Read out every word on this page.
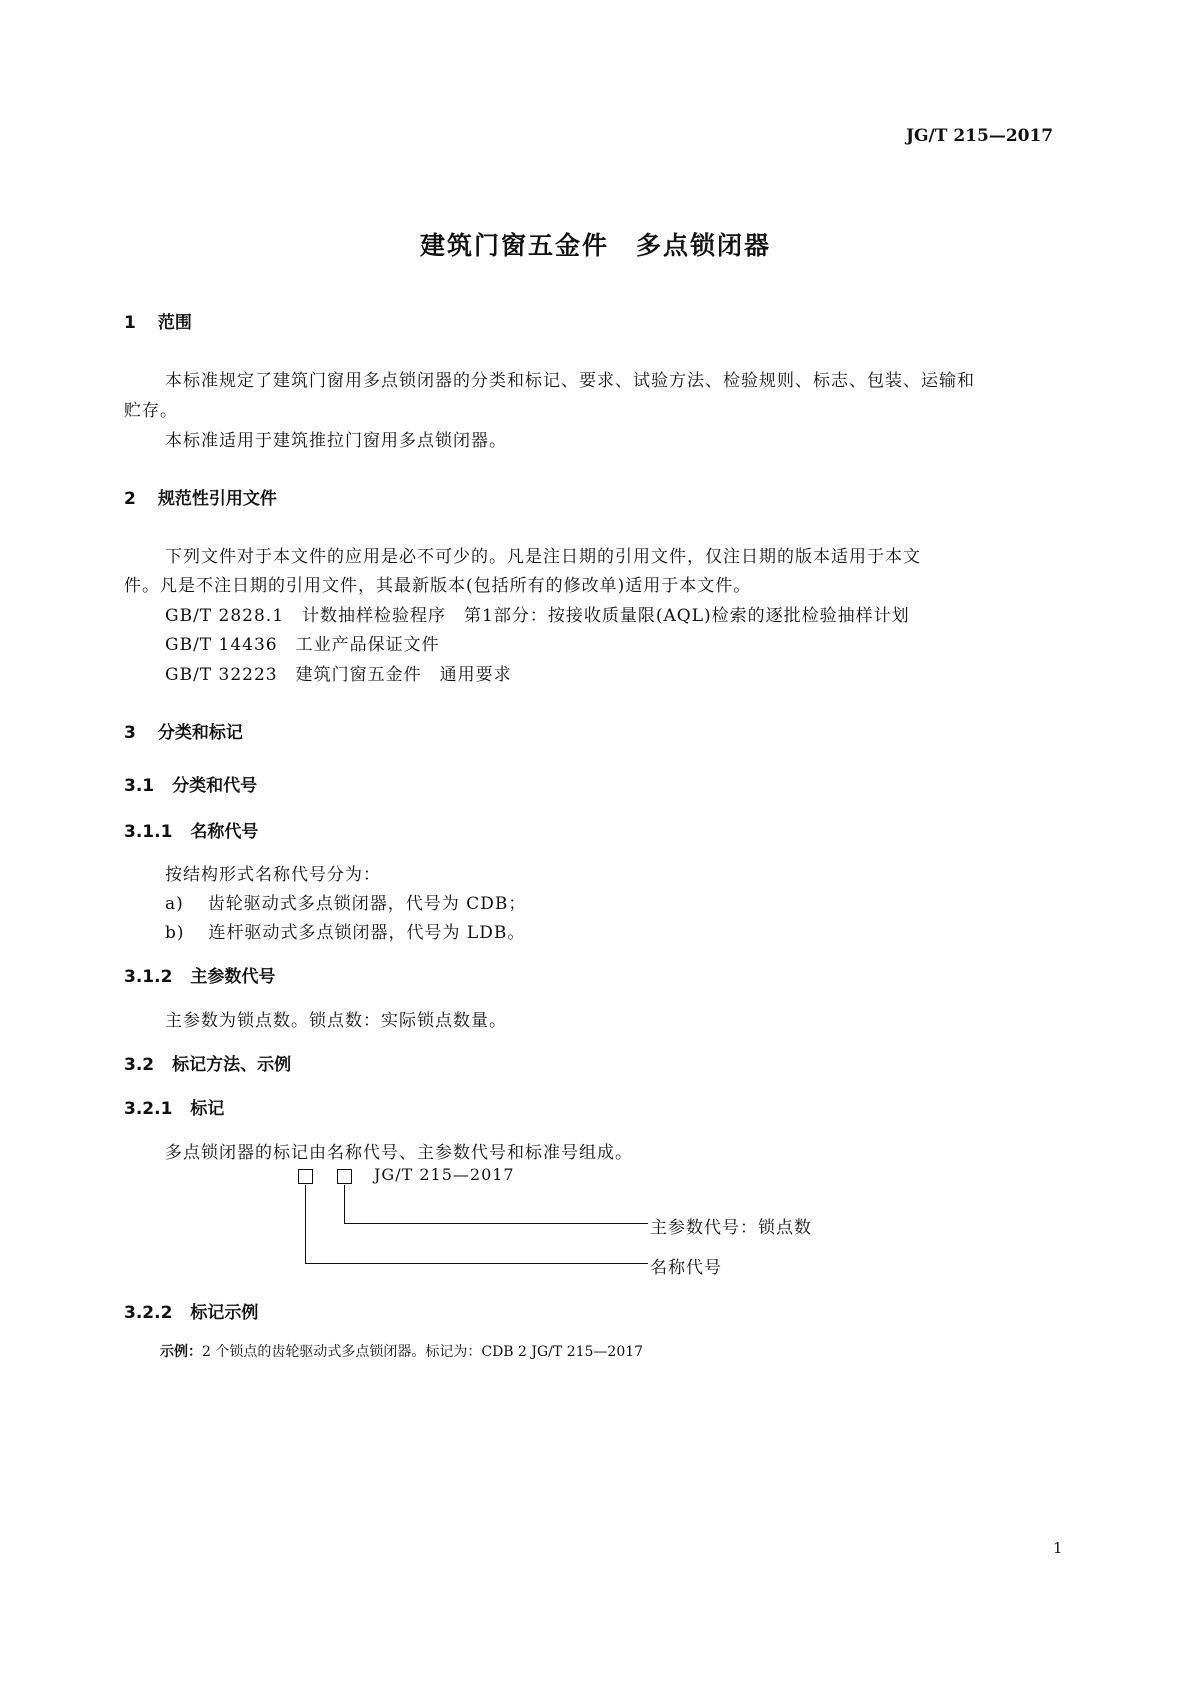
JG/T 215—2017
建筑门窗五金件　多点锁闭器
1 范围
本标准规定了建筑门窗用多点锁闭器的分类和标记、要求、试验方法、检验规则、标志、包装、运输和
贮存。
本标准适用于建筑推拉门窗用多点锁闭器。
2 规范性引用文件
下列文件对于本文件的应用是必不可少的。凡是注日期的引用文件，仅注日期的版本适用于本文
件。凡是不注日期的引用文件，其最新版本(包括所有的修改单)适用于本文件。
GB/T 2828.1 计数抽样检验程序　第1部分：按接收质量限(AQL)检索的逐批检验抽样计划
GB/T 14436 工业产品保证文件
GB/T 32223 建筑门窗五金件　通用要求
3 分类和标记
3.1 分类和代号
3.1.1 名称代号
按结构形式名称代号分为：
a) 齿轮驱动式多点锁闭器，代号为 CDB；
b) 连杆驱动式多点锁闭器，代号为 LDB。
3.1.2 主参数代号
主参数为锁点数。锁点数：实际锁点数量。
3.2 标记方法、示例
3.2.1 标记
多点锁闭器的标记由名称代号、主参数代号和标准号组成。
JG/T 215—2017
主参数代号：锁点数
名称代号
3.2.2 标记示例
示例：2 个锁点的齿轮驱动式多点锁闭器。标记为：CDB 2 JG/T 215—2017
1
